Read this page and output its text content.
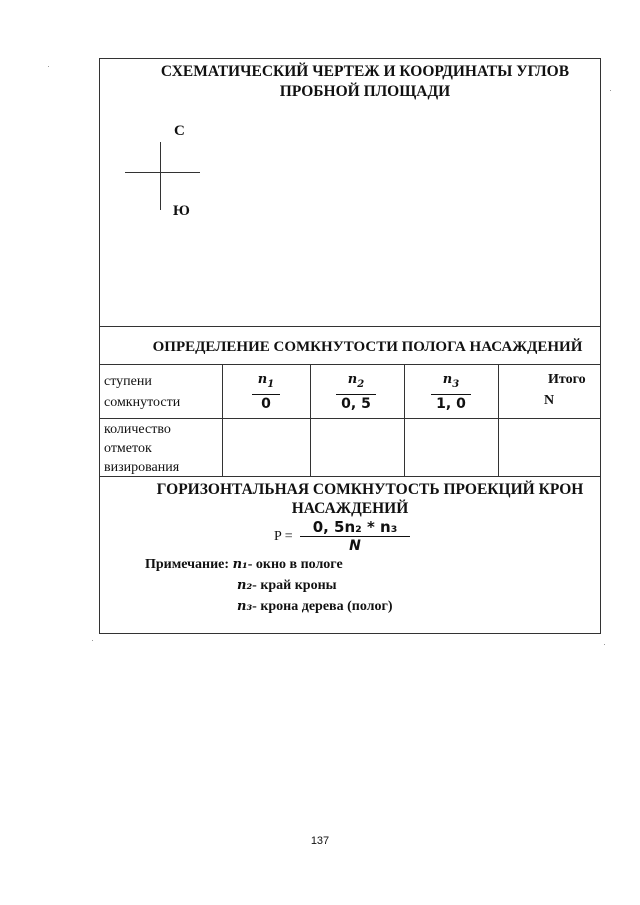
СХЕМАТИЧЕСКИЙ ЧЕРТЕЖ И КООРДИНАТЫ УГЛОВ
ПРОБНОЙ ПЛОЩАДИ
С
Ю
ОПРЕДЕЛЕНИЕ СОМКНУТОСТИ ПОЛОГА НАСАЖДЕНИЙ
ступени
сомкнутости
$n_1$
0
$n_2$
0, 5
$n_3$
1, 0
Итого
N
количество
отметок
визирования
ГОРИЗОНТАЛЬНАЯ СОМКНУТОСТЬ ПРОЕКЦИЙ КРОН
НАСАЖДЕНИЙ
P =
0, 5n₂ * n₃
N
Примечание: n₁- окно в пологе
n₂- край кроны
n₃- крона дерева (полог)
137
